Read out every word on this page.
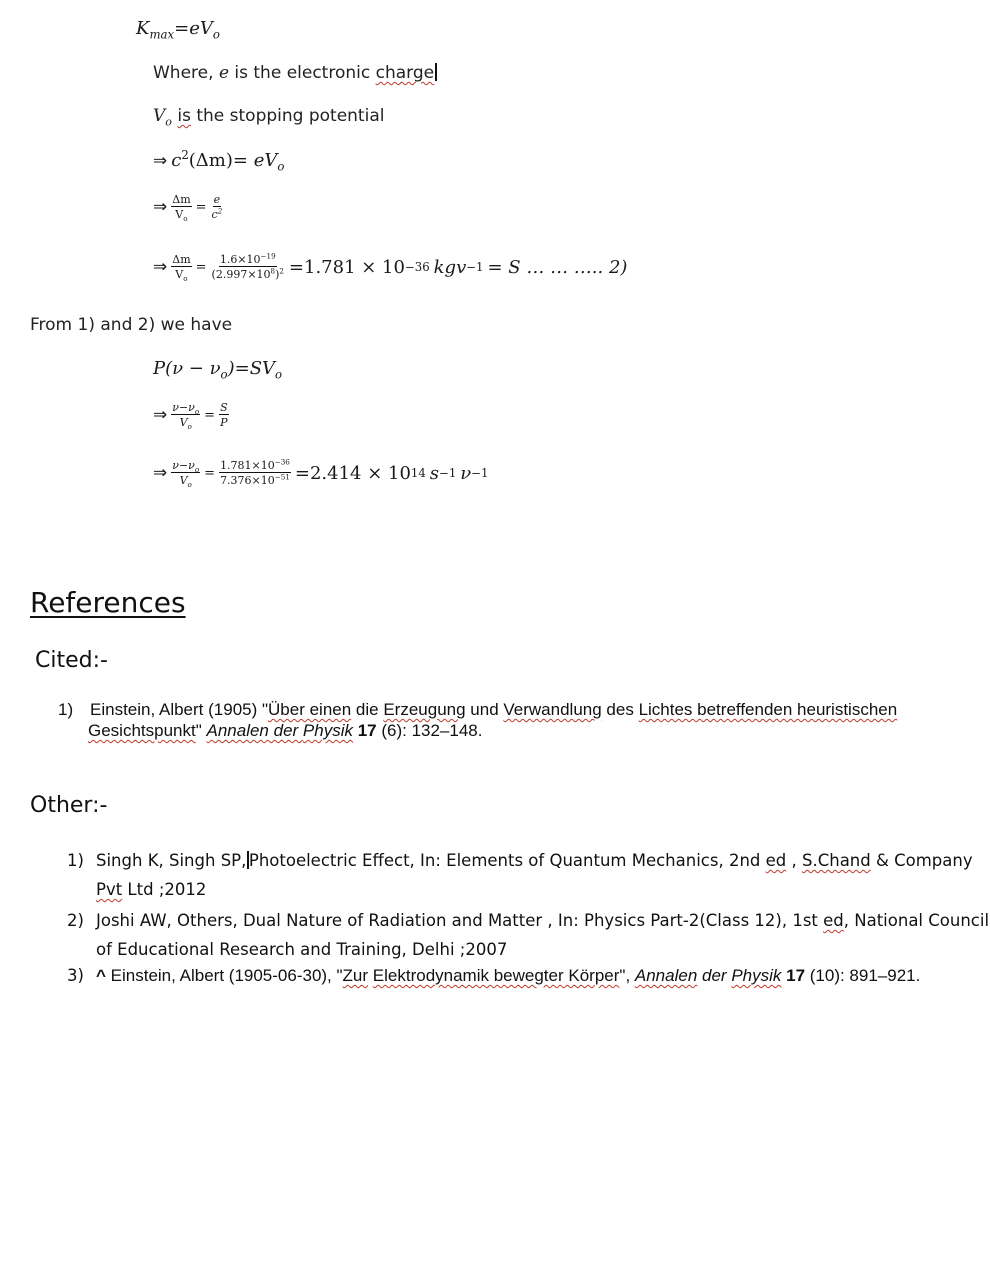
$K_{max}=eV_o$
Where, e is the electronic charge
$V_o$ is the stopping potential
⇒ $c^2(\Delta m)= eV_o$
⇒ $\frac{\Delta m}{V_o} = \frac{e}{c^2}$
⇒ $\frac{\Delta m}{V_o} = \frac{1.6\times 10^{-19}}{(2.997\times 10^8)^2} =1.781 \times 10 -36$ kgv −1 = S … … ….. 2)
From 1) and 2) we have
$P(\nu - \nu_o)=SV_o$
⇒ $\frac{\nu-\nu_o}{V_o} = \frac{S}{P}$
⇒ $\frac{\nu-\nu_o}{V_o} = \frac{1.781\times 10^{-36}}{7.376\times 10^{-51}} =2.414 \times 10$ 14 s −1 ν −1
References
Cited:-
1) Einstein, Albert (1905) "Über einen die Erzeugung und Verwandlung des Lichtes betreffenden heuristischen
Gesichtspunkt" Annalen der Physik 17 (6): 132–148.
Other:-
1) Singh K, Singh SP, Photoelectric Effect, In: Elements of Quantum Mechanics, 2nd ed , S.Chand & Company
Pvt Ltd ;2012
2) Joshi AW, Others, Dual Nature of Radiation and Matter , In: Physics Part-2(Class 12), 1st ed, National Council
of Educational Research and Training, Delhi ;2007
3) ^ Einstein, Albert (1905-06-30), "Zur Elektrodynamik bewegter Körper", Annalen der Physik 17 (10): 891–921.
